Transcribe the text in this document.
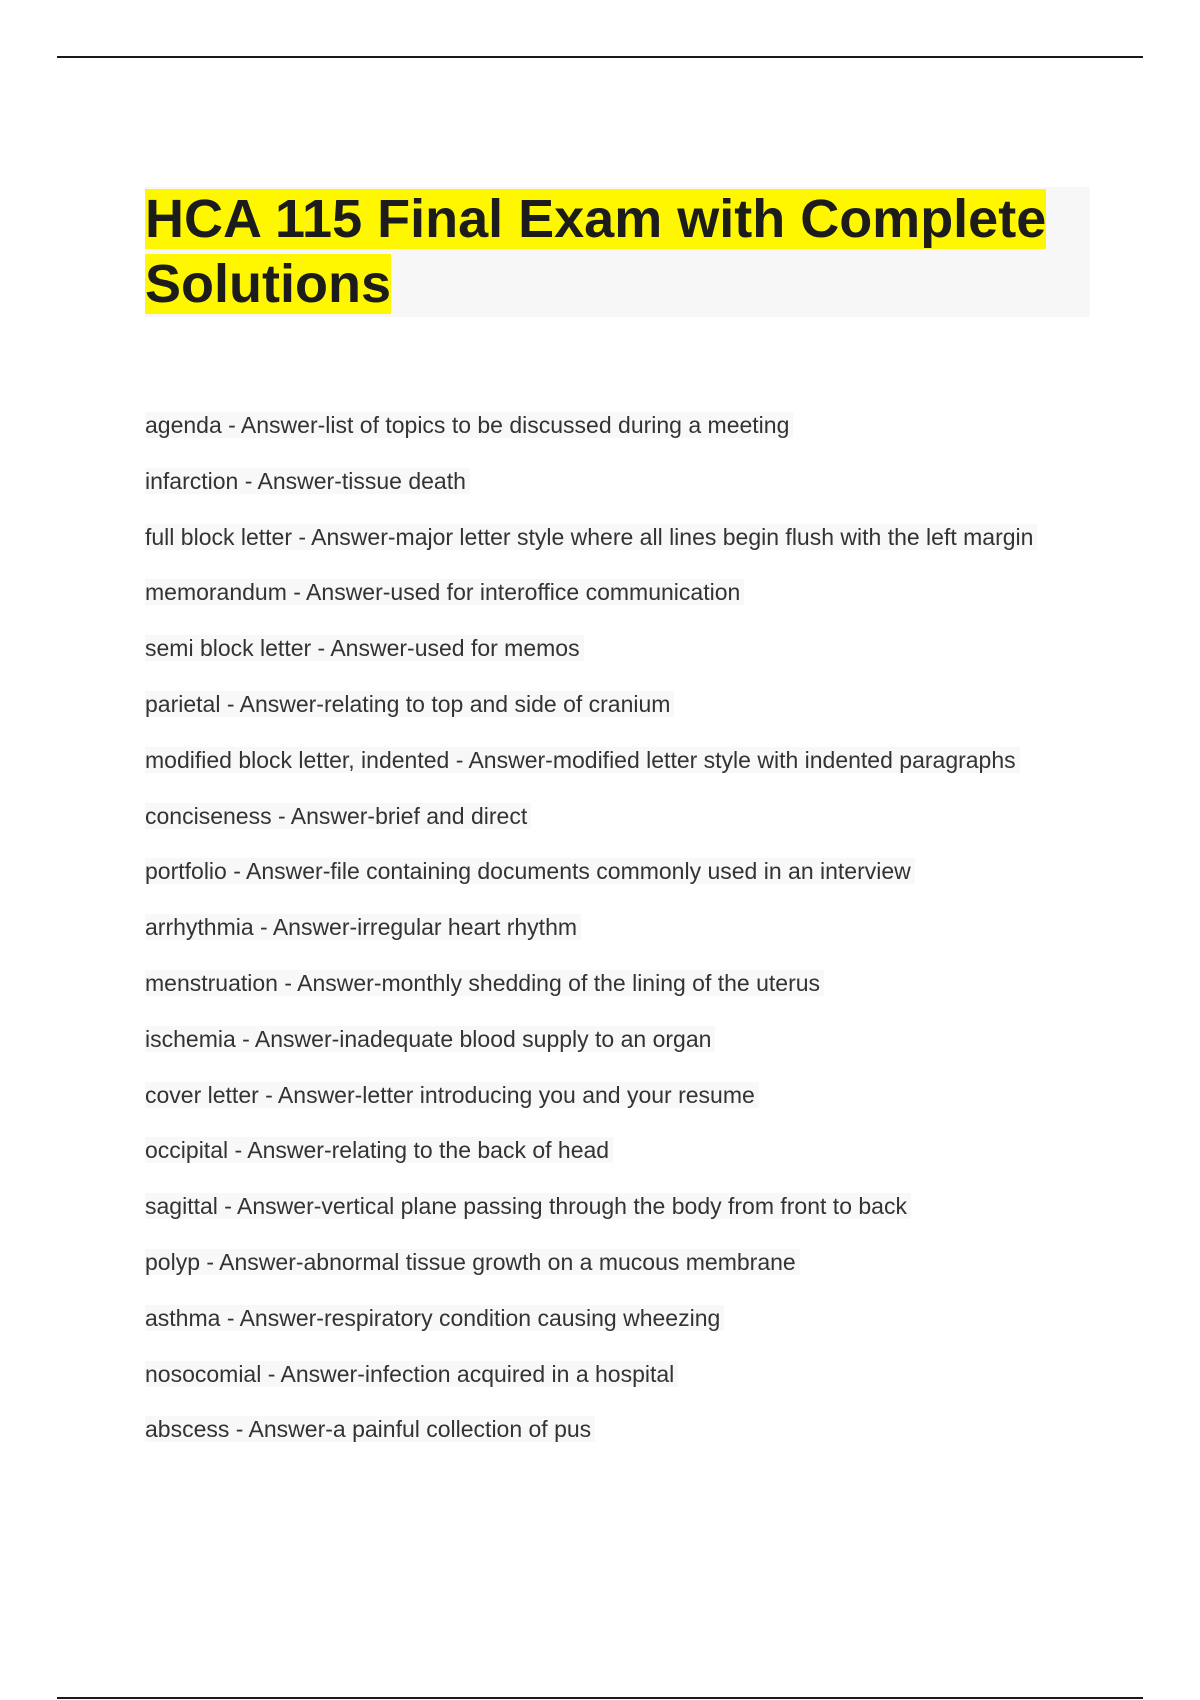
HCA 115 Final Exam with Complete Solutions
agenda - Answer-list of topics to be discussed during a meeting
infarction - Answer-tissue death
full block letter - Answer-major letter style where all lines begin flush with the left margin
memorandum - Answer-used for interoffice communication
semi block letter - Answer-used for memos
parietal - Answer-relating to top and side of cranium
modified block letter, indented - Answer-modified letter style with indented paragraphs
conciseness - Answer-brief and direct
portfolio - Answer-file containing documents commonly used in an interview
arrhythmia - Answer-irregular heart rhythm
menstruation - Answer-monthly shedding of the lining of the uterus
ischemia - Answer-inadequate blood supply to an organ
cover letter - Answer-letter introducing you and your resume
occipital - Answer-relating to the back of head
sagittal - Answer-vertical plane passing through the body from front to back
polyp - Answer-abnormal tissue growth on a mucous membrane
asthma - Answer-respiratory condition causing wheezing
nosocomial - Answer-infection acquired in a hospital
abscess - Answer-a painful collection of pus
